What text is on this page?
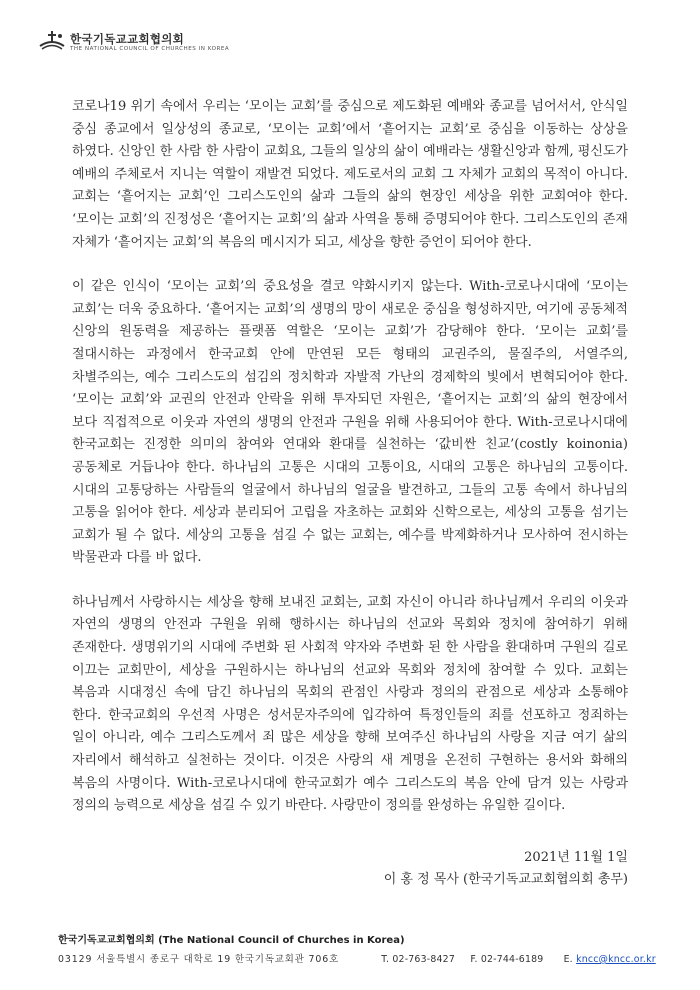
한국기독교교회협의회
THE NATIONAL COUNCIL OF CHURCHES IN KOREA

코로나19 위기 속에서 우리는 ‘모이는 교회’를 중심으로 제도화된 예배와 종교를 넘어서서, 안식일 중심 종교에서 일상성의 종교로, ‘모이는 교회’에서 ‘흩어지는 교회’로 중심을 이동하는 상상을 하였다. 신앙인 한 사람 한 사람이 교회요, 그들의 일상의 삶이 예배라는 생활신앙과 함께, 평신도가 예배의 주체로서 지니는 역할이 재발견 되었다. 제도로서의 교회 그 자체가 교회의 목적이 아니다. 교회는 ‘흩어지는 교회’인 그리스도인의 삶과 그들의 삶의 현장인 세상을 위한 교회여야 한다. ‘모이는 교회’의 진정성은 ‘흩어지는 교회’의 삶과 사역을 통해 증명되어야 한다. 그리스도인의 존재 자체가 ‘흩어지는 교회’의 복음의 메시지가 되고, 세상을 향한 증언이 되어야 한다.

이 같은 인식이 ‘모이는 교회’의 중요성을 결코 약화시키지 않는다. With-코로나시대에 ‘모이는 교회’는 더욱 중요하다. ‘흩어지는 교회’의 생명의 망이 새로운 중심을 형성하지만, 여기에 공동체적 신앙의 원동력을 제공하는 플랫폼 역할은 ‘모이는 교회’가 감당해야 한다. ‘모이는 교회’를 절대시하는 과정에서 한국교회 안에 만연된 모든 형태의 교권주의, 물질주의, 서열주의, 차별주의는, 예수 그리스도의 섬김의 정치학과 자발적 가난의 경제학의 빛에서 변혁되어야 한다. ‘모이는 교회’와 교권의 안전과 안락을 위해 투자되던 자원은, ‘흩어지는 교회’의 삶의 현장에서 보다 직접적으로 이웃과 자연의 생명의 안전과 구원을 위해 사용되어야 한다. With-코로나시대에 한국교회는 진정한 의미의 참여와 연대와 환대를 실천하는 ‘값비싼 친교’(costly koinonia) 공동체로 거듭나야 한다. 하나님의 고통은 시대의 고통이요, 시대의 고통은 하나님의 고통이다. 시대의 고통당하는 사람들의 얼굴에서 하나님의 얼굴을 발견하고, 그들의 고통 속에서 하나님의 고통을 읽어야 한다. 세상과 분리되어 고립을 자초하는 교회와 신학으로는, 세상의 고통을 섬기는 교회가 될 수 없다. 세상의 고통을 섬길 수 없는 교회는, 예수를 박제화하거나 모사하여 전시하는 박물관과 다를 바 없다.

하나님께서 사랑하시는 세상을 향해 보내진 교회는, 교회 자신이 아니라 하나님께서 우리의 이웃과 자연의 생명의 안전과 구원을 위해 행하시는 하나님의 선교와 목회와 정치에 참여하기 위해 존재한다. 생명위기의 시대에 주변화 된 사회적 약자와 주변화 된 한 사람을 환대하며 구원의 길로 이끄는 교회만이, 세상을 구원하시는 하나님의 선교와 목회와 정치에 참여할 수 있다. 교회는 복음과 시대정신 속에 담긴 하나님의 목회의 관점인 사랑과 정의의 관점으로 세상과 소통해야 한다. 한국교회의 우선적 사명은 성서문자주의에 입각하여 특정인들의 죄를 선포하고 정죄하는 일이 아니라, 예수 그리스도께서 죄 많은 세상을 향해 보여주신 하나님의 사랑을 지금 여기 삶의 자리에서 해석하고 실천하는 것이다. 이것은 사랑의 새 계명을 온전히 구현하는 용서와 화해의 복음의 사명이다. With-코로나시대에 한국교회가 예수 그리스도의 복음 안에 담겨 있는 사랑과 정의의 능력으로 세상을 섬길 수 있기 바란다. 사랑만이 정의를 완성하는 유일한 길이다.

2021년 11월 1일
이 홍 정 목사 (한국기독교교회협의회 총무)
한국기독교교회협의회 (The National Council of Churches in Korea)
03129 서울특별시 종로구 대학로 19 한국기독교회관 706호	T. 02-763-8427 F. 02-744-6189 E. kncc@kncc.or.kr
